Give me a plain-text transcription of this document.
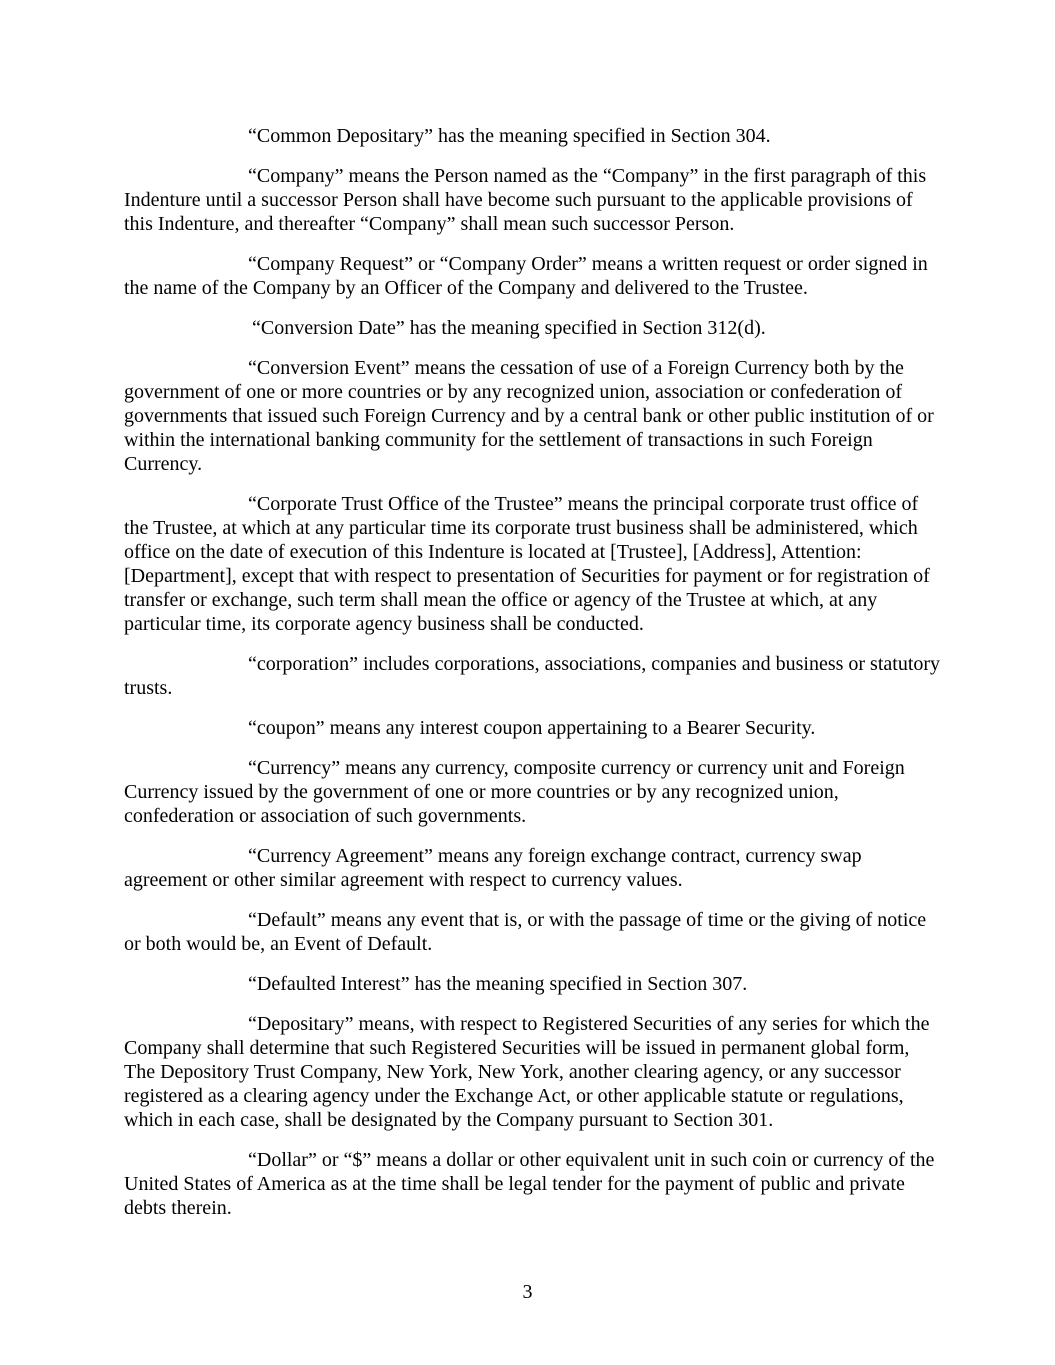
“Common Depositary” has the meaning specified in Section 304.

“Company” means the Person named as the “Company” in the first paragraph of this Indenture until a successor Person shall have become such pursuant to the applicable provisions of this Indenture, and thereafter “Company” shall mean such successor Person.

“Company Request” or “Company Order” means a written request or order signed in the name of the Company by an Officer of the Company and delivered to the Trustee.

“Conversion Date” has the meaning specified in Section 312(d).

“Conversion Event” means the cessation of use of a Foreign Currency both by the government of one or more countries or by any recognized union, association or confederation of governments that issued such Foreign Currency and by a central bank or other public institution of or within the international banking community for the settlement of transactions in such Foreign Currency.

“Corporate Trust Office of the Trustee” means the principal corporate trust office of the Trustee, at which at any particular time its corporate trust business shall be administered, which office on the date of execution of this Indenture is located at [Trustee], [Address], Attention: [Department], except that with respect to presentation of Securities for payment or for registration of transfer or exchange, such term shall mean the office or agency of the Trustee at which, at any particular time, its corporate agency business shall be conducted.

“corporation” includes corporations, associations, companies and business or statutory trusts.

“coupon” means any interest coupon appertaining to a Bearer Security.

“Currency” means any currency, composite currency or currency unit and Foreign Currency issued by the government of one or more countries or by any recognized union, confederation or association of such governments.

“Currency Agreement” means any foreign exchange contract, currency swap agreement or other similar agreement with respect to currency values.

“Default” means any event that is, or with the passage of time or the giving of notice or both would be, an Event of Default.

“Defaulted Interest” has the meaning specified in Section 307.

“Depositary” means, with respect to Registered Securities of any series for which the Company shall determine that such Registered Securities will be issued in permanent global form, The Depository Trust Company, New York, New York, another clearing agency, or any successor registered as a clearing agency under the Exchange Act, or other applicable statute or regulations, which in each case, shall be designated by the Company pursuant to Section 301.

“Dollar” or “$” means a dollar or other equivalent unit in such coin or currency of the United States of America as at the time shall be legal tender for the payment of public and private debts therein.

3
